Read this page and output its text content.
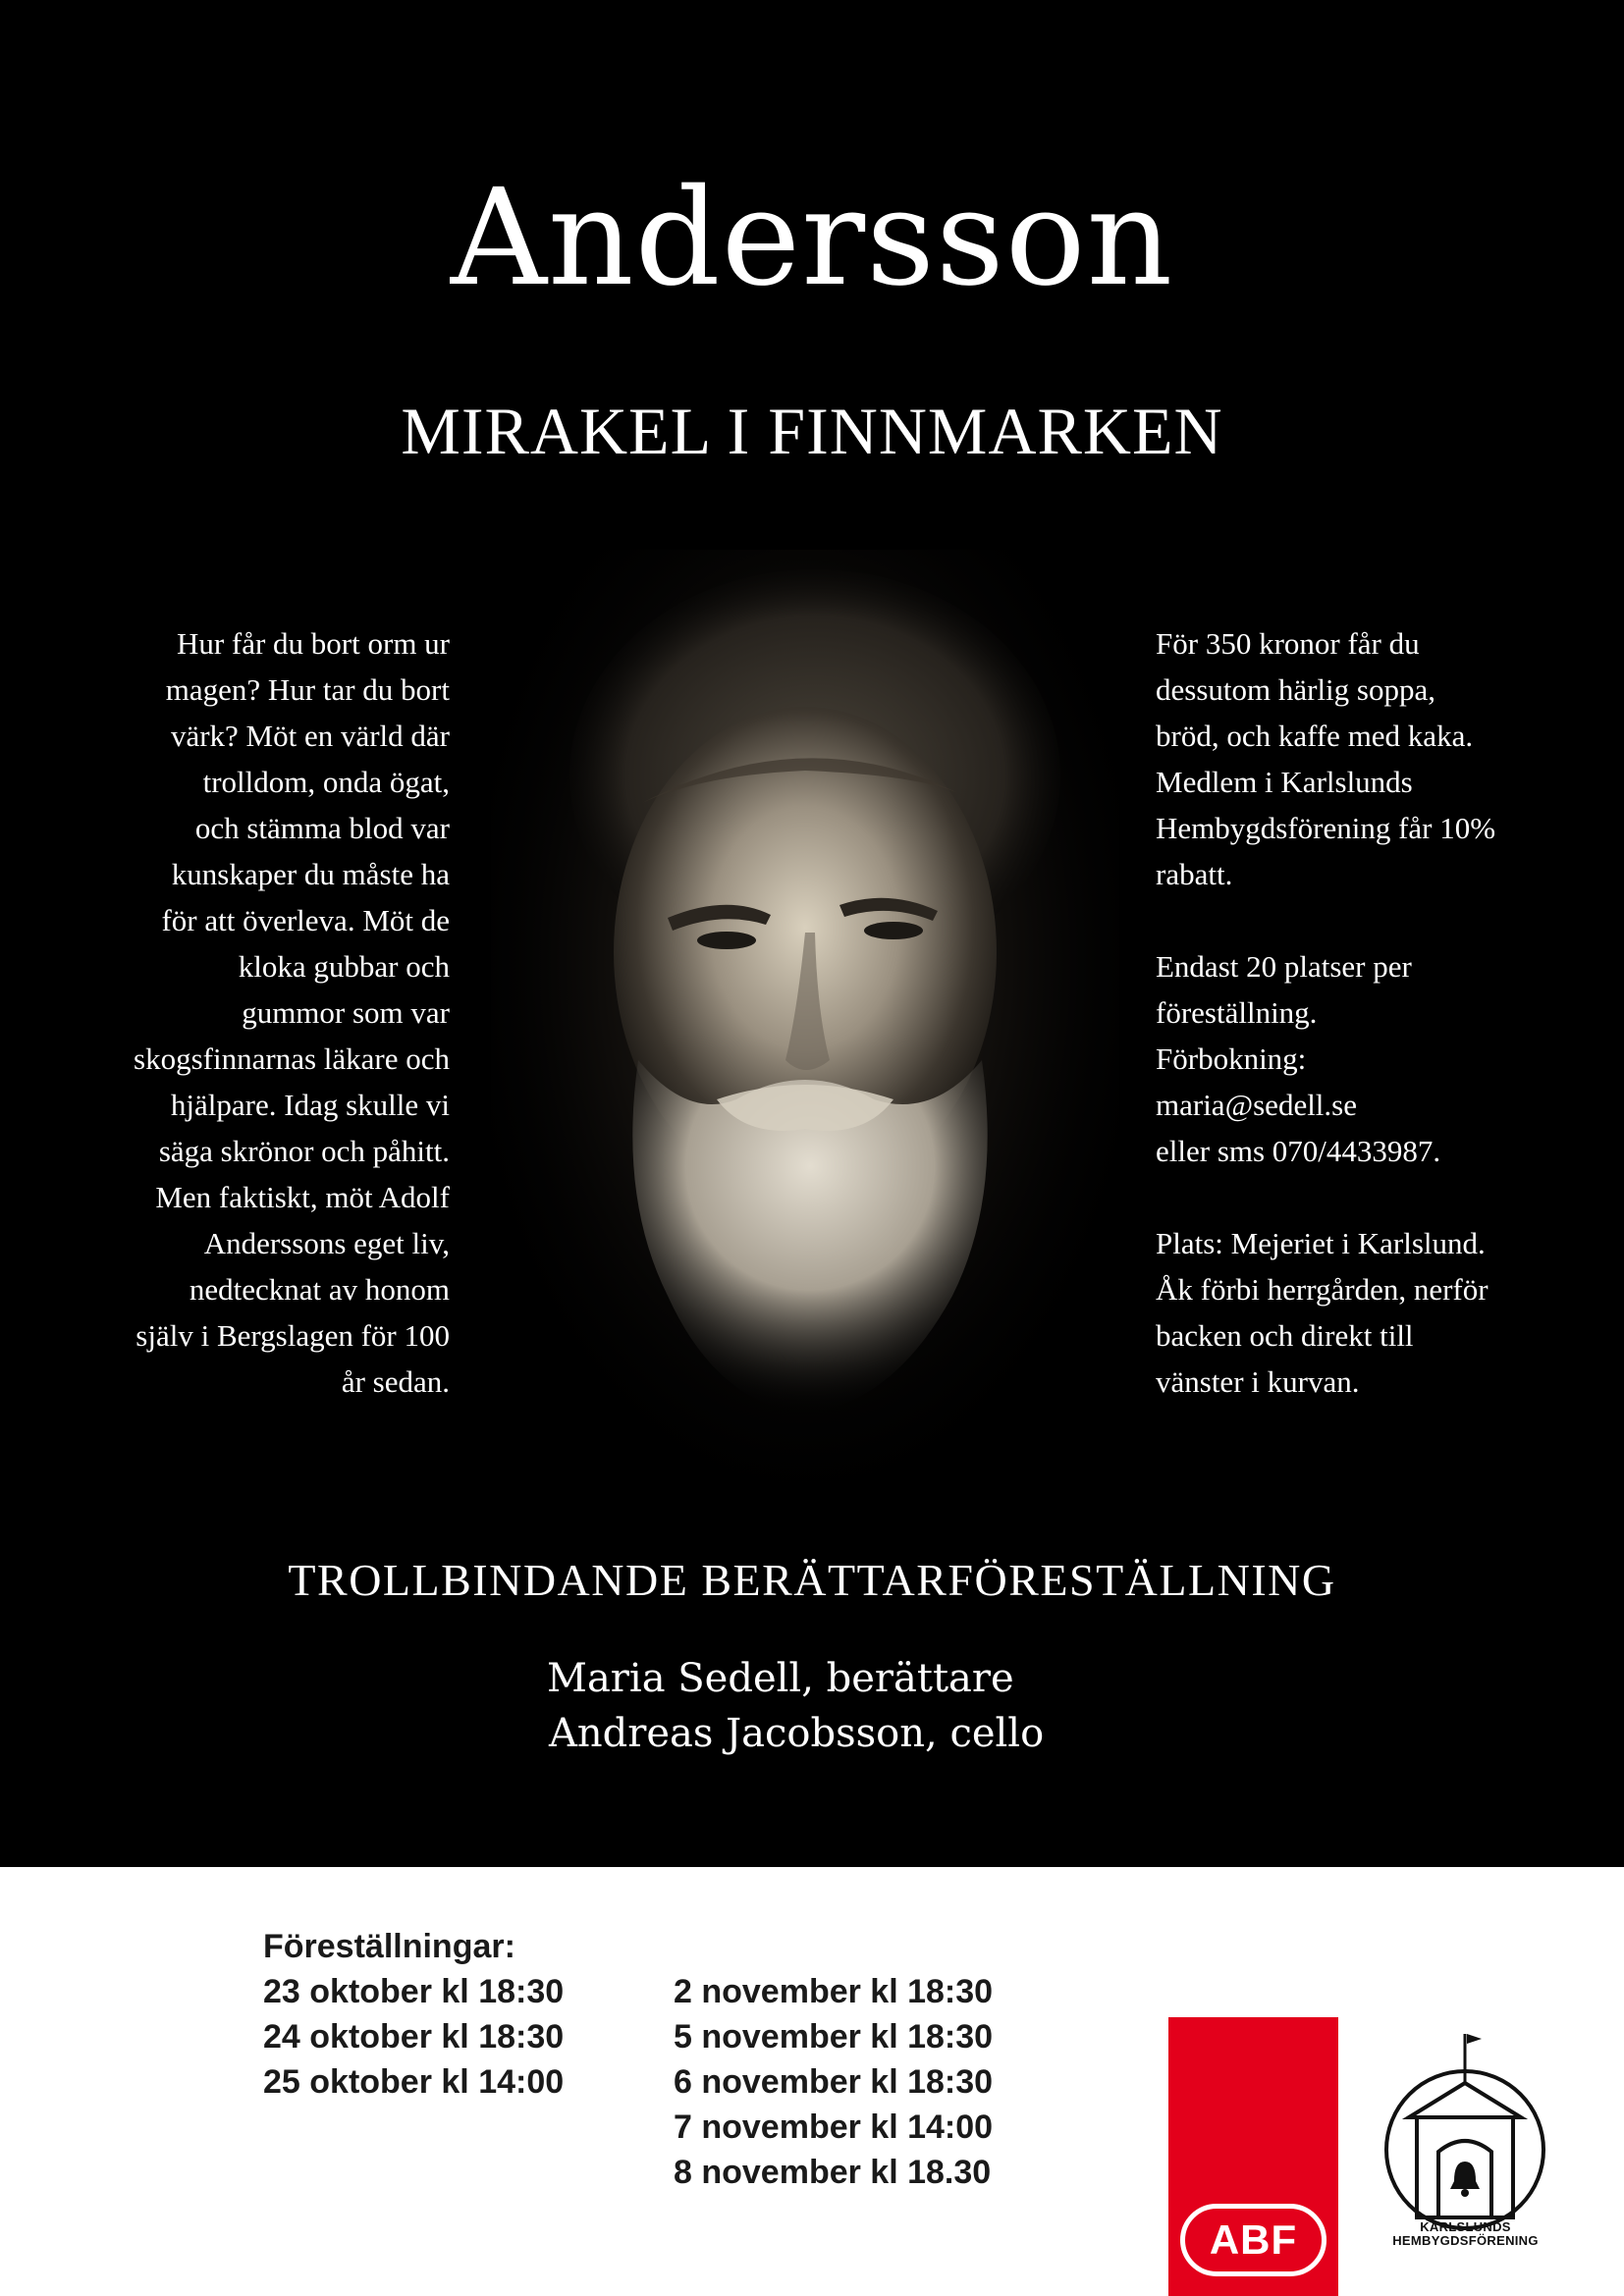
Andersson
MIRAKEL I FINNMARKEN
Hur får du bort orm ur
magen? Hur tar du bort
värk? Möt en värld där
trolldom, onda ögat,
och stämma blod var
kunskaper du måste ha
för att överleva. Möt de
kloka gubbar och
gummor som var
skogsfinnarnas läkare och
hjälpare. Idag skulle vi
säga skrönor och påhitt.
Men faktiskt, möt Adolf
Anderssons eget liv,
nedtecknat av honom
själv i Bergslagen för 100
år sedan.
För 350 kronor får du
dessutom härlig soppa,
bröd, och kaffe med kaka.
Medlem i Karlslunds
Hembygdsförening får 10%
rabatt.
Endast 20 platser per
föreställning.
Förbokning:
maria@sedell.se
eller sms 070/4433987.
Plats: Mejeriet i Karlslund.
Åk förbi herrgården, nerför
backen och direkt till
vänster i kurvan.
TROLLBINDANDE BERÄTTARFÖRESTÄLLNING
Maria Sedell, berättare
Andreas Jacobsson, cello
Föreställningar:
23 oktober kl 18:30
24 oktober kl 18:30
25 oktober kl 14:00
2 november kl 18:30
5 november kl 18:30
6 november kl 18:30
7 november kl 14:00
8 november kl 18.30
ABF	KARLSLUNDS
HEMBYGDSFÖRENING
